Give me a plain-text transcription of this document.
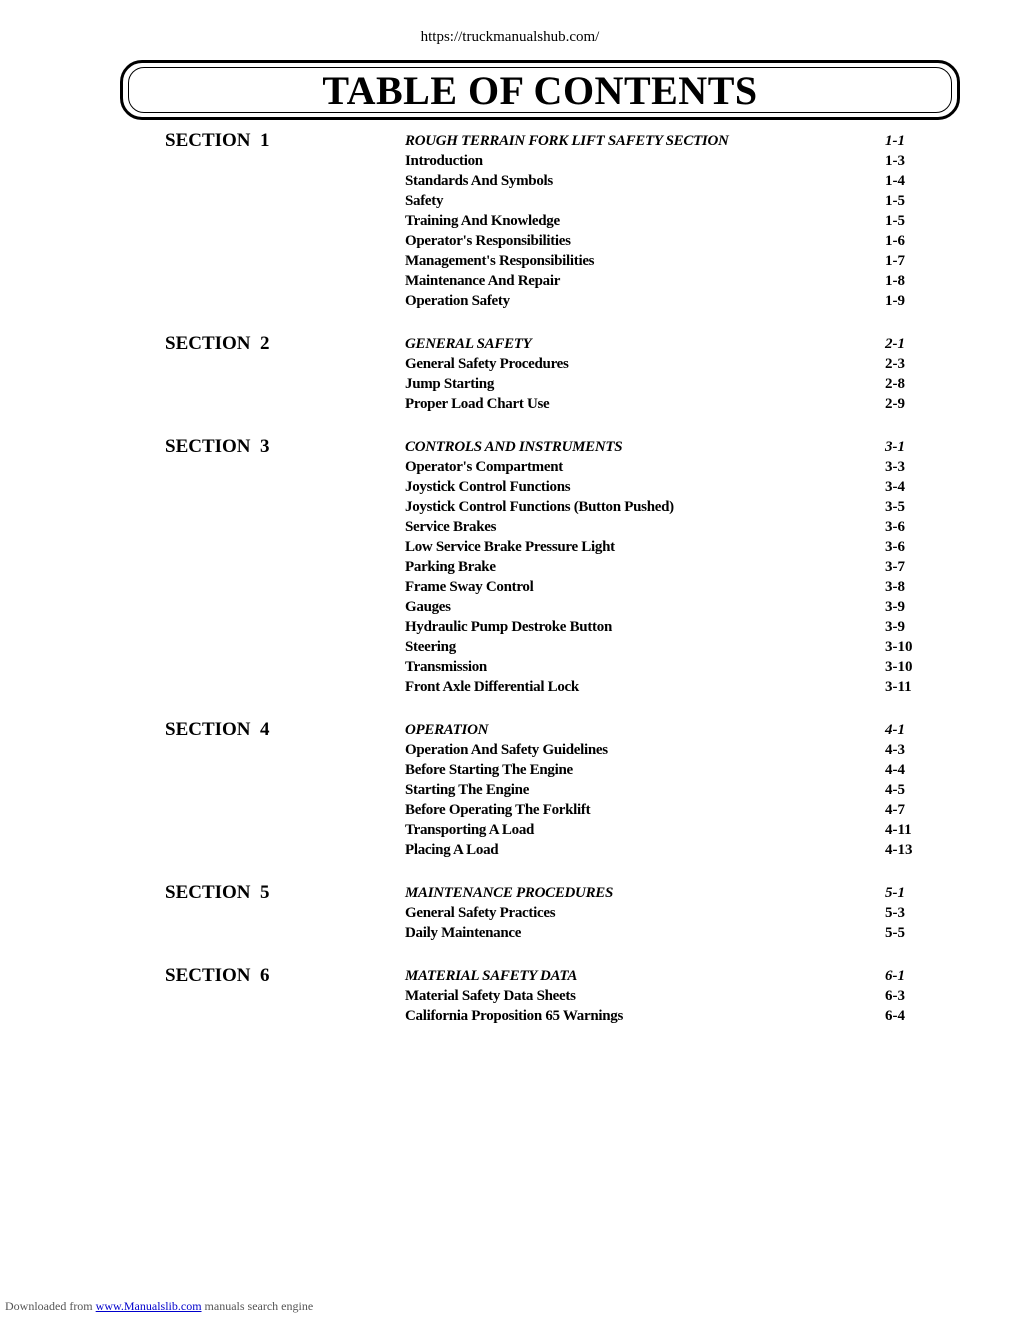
https://truckmanualshub.com/
TABLE OF CONTENTS
SECTION  1	ROUGH TERRAIN FORK LIFT SAFETY SECTION	1-1
Introduction	1-3
Standards And Symbols	1-4
Safety	1-5
Training And Knowledge	1-5
Operator's Responsibilities	1-6
Management's Responsibilities	1-7
Maintenance And Repair	1-8
Operation Safety	1-9
SECTION  2	GENERAL SAFETY	2-1
General Safety Procedures	2-3
Jump Starting	2-8
Proper Load Chart Use	2-9
SECTION  3	CONTROLS AND INSTRUMENTS	3-1
Operator's Compartment	3-3
Joystick Control Functions	3-4
Joystick Control Functions (Button Pushed)	3-5
Service Brakes	3-6
Low Service Brake Pressure Light	3-6
Parking Brake	3-7
Frame Sway Control	3-8
Gauges	3-9
Hydraulic Pump Destroke Button	3-9
Steering	3-10
Transmission	3-10
Front Axle Differential Lock	3-11
SECTION  4	OPERATION	4-1
Operation And Safety Guidelines	4-3
Before Starting The Engine	4-4
Starting The Engine	4-5
Before Operating The Forklift	4-7
Transporting A Load	4-11
Placing A Load	4-13
SECTION  5	MAINTENANCE PROCEDURES	5-1
General Safety Practices	5-3
Daily Maintenance	5-5
SECTION  6	MATERIAL SAFETY DATA	6-1
Material Safety Data Sheets	6-3
California Proposition 65 Warnings	6-4
Downloaded from www.Manualslib.com manuals search engine
